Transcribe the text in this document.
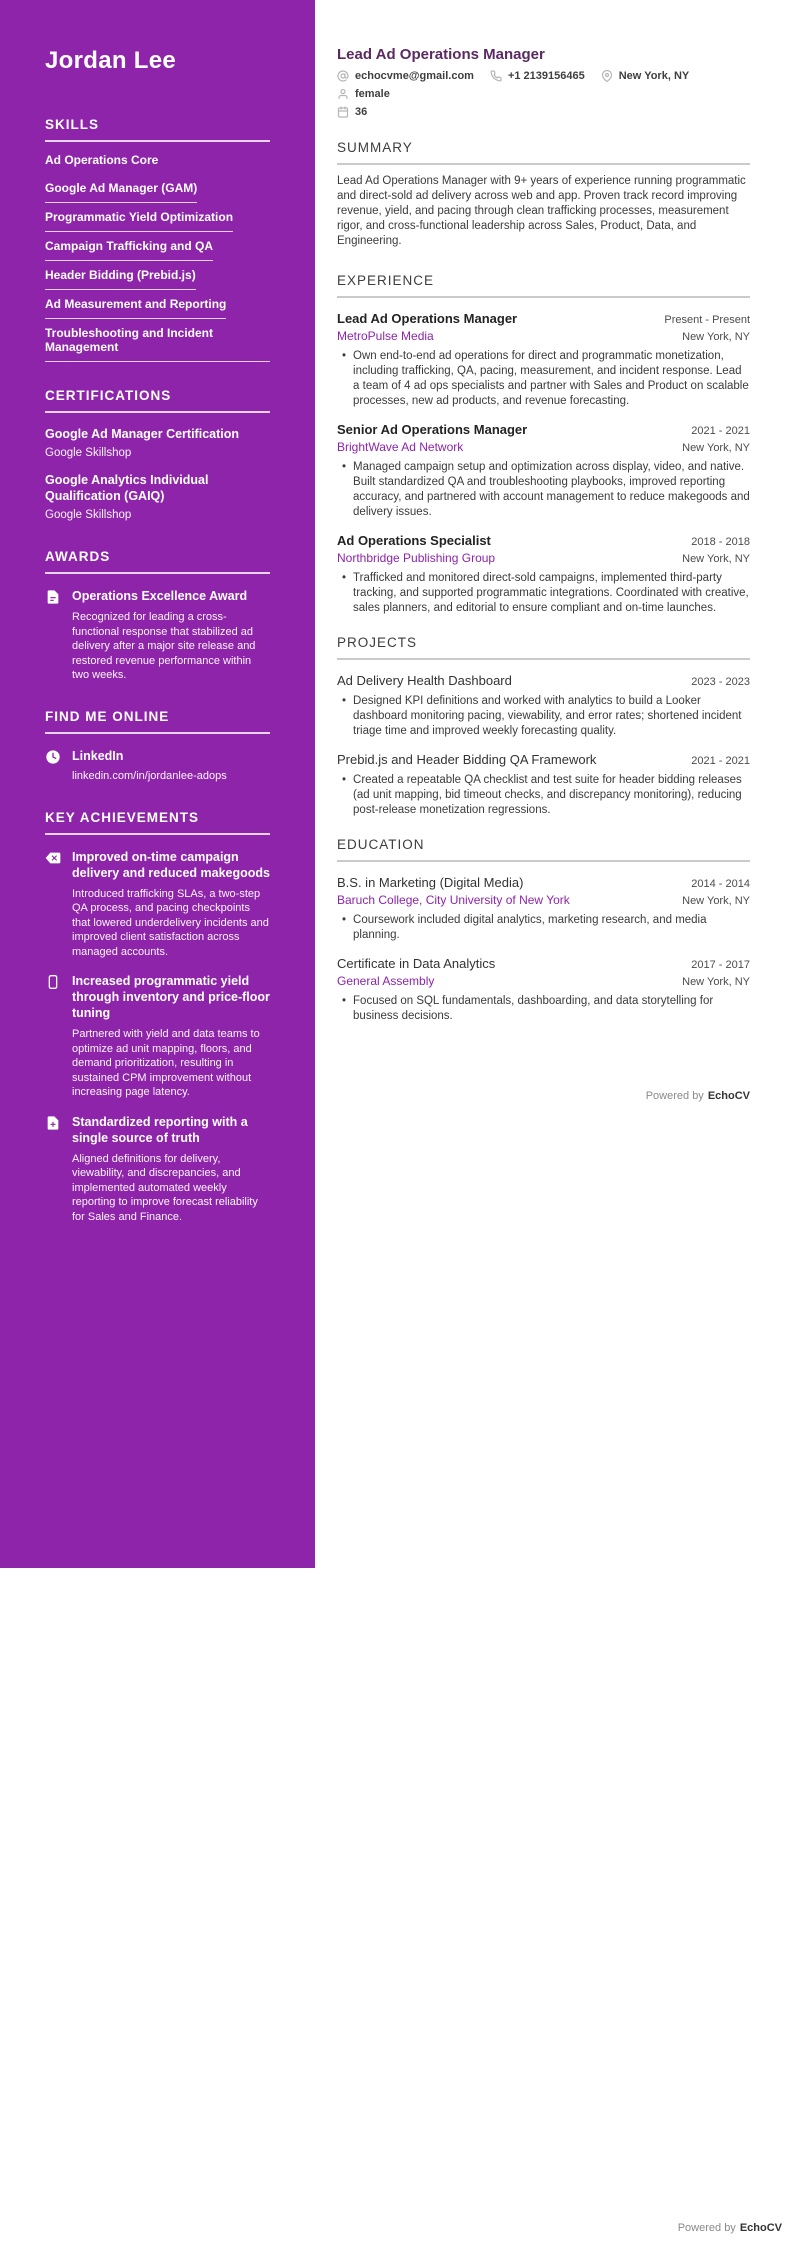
Jordan Lee
SKILLS
Ad Operations Core
Google Ad Manager (GAM)
Programmatic Yield Optimization
Campaign Trafficking and QA
Header Bidding (Prebid.js)
Ad Measurement and Reporting
Troubleshooting and Incident Management
CERTIFICATIONS
Google Ad Manager Certification
Google Skillshop
Google Analytics Individual Qualification (GAIQ)
Google Skillshop
AWARDS
Operations Excellence Award
Recognized for leading a cross-functional response that stabilized ad delivery after a major site release and restored revenue performance within two weeks.
FIND ME ONLINE
LinkedIn
linkedin.com/in/jordanlee-adops
KEY ACHIEVEMENTS
Improved on-time campaign delivery and reduced makegoods
Introduced trafficking SLAs, a two-step QA process, and pacing checkpoints that lowered underdelivery incidents and improved client satisfaction across managed accounts.
Increased programmatic yield through inventory and price-floor tuning
Partnered with yield and data teams to optimize ad unit mapping, floors, and demand prioritization, resulting in sustained CPM improvement without increasing page latency.
Standardized reporting with a single source of truth
Aligned definitions for delivery, viewability, and discrepancies, and implemented automated weekly reporting to improve forecast reliability for Sales and Finance.
Lead Ad Operations Manager
echocvme@gmail.com	+1 2139156465	New York, NY
female
36
SUMMARY

Lead Ad Operations Manager with 9+ years of experience running programmatic and direct-sold ad delivery across web and app. Proven track record improving revenue, yield, and pacing through clean trafficking processes, measurement rigor, and cross-functional leadership across Sales, Product, Data, and Engineering.

EXPERIENCE
Lead Ad Operations Manager	Present - Present
MetroPulse Media	New York, NY
• Own end-to-end ad operations for direct and programmatic monetization, including trafficking, QA, pacing, measurement, and incident response. Lead a team of 4 ad ops specialists and partner with Sales and Product on scalable processes, new ad products, and revenue forecasting.
Senior Ad Operations Manager	2021 - 2021
BrightWave Ad Network	New York, NY
• Managed campaign setup and optimization across display, video, and native. Built standardized QA and troubleshooting playbooks, improved reporting accuracy, and partnered with account management to reduce makegoods and delivery issues.
Ad Operations Specialist	2018 - 2018
Northbridge Publishing Group	New York, NY
• Trafficked and monitored direct-sold campaigns, implemented third-party tracking, and supported programmatic integrations. Coordinated with creative, sales planners, and editorial to ensure compliant and on-time launches.
PROJECTS
Ad Delivery Health Dashboard	2023 - 2023
• Designed KPI definitions and worked with analytics to build a Looker dashboard monitoring pacing, viewability, and error rates; shortened incident triage time and improved weekly forecasting quality.
Prebid.js and Header Bidding QA Framework	2021 - 2021
• Created a repeatable QA checklist and test suite for header bidding releases (ad unit mapping, bid timeout checks, and discrepancy monitoring), reducing post-release monetization regressions.
EDUCATION
B.S. in Marketing (Digital Media)	2014 - 2014
Baruch College, City University of New York	New York, NY
• Coursework included digital analytics, marketing research, and media planning.
Certificate in Data Analytics	2017 - 2017
General Assembly	New York, NY
• Focused on SQL fundamentals, dashboarding, and data storytelling for business decisions.
Powered by EchoCV
Powered by EchoCV
